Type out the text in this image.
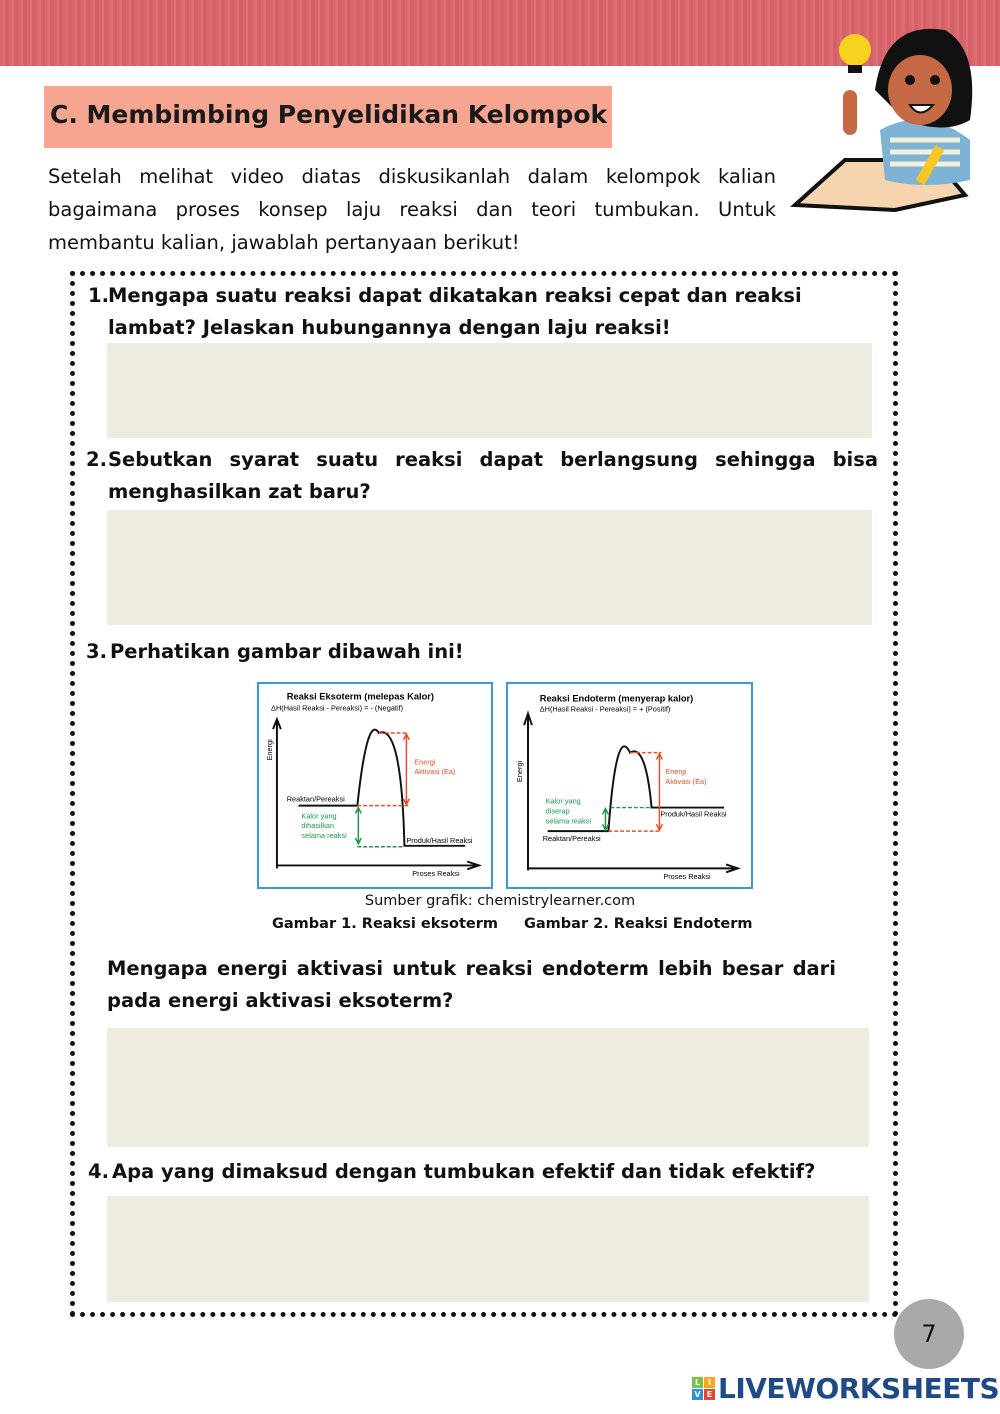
C. Membimbing Penyelidikan Kelompok

Setelah melihat video diatas diskusikanlah dalam kelompok kalian bagaimana proses konsep laju reaksi dan teori tumbukan. Untuk membantu kalian, jawablah pertanyaan berikut!

1. Mengapa suatu reaksi dapat dikatakan reaksi cepat dan reaksi lambat? Jelaskan hubungannya dengan laju reaksi!
2. Sebutkan syarat suatu reaksi dapat berlangsung sehingga bisa menghasilkan zat baru?
3. Perhatikan gambar dibawah ini!
Reaksi Eksoterm (melepas Kalor)
ΔH(Hasil Reaksi - Pereaksi) = - (Negatif)
Energi
Proses Reaksi
Energi
Aktivasi (Ea)
Reaktan/Pereaksi
Produk/Hasil Reaksi
Kalor yang
dihasilkan
selama reaksi
Reaksi Endoterm (menyerap kalor)
ΔH(Hasil Reaksi - Pereaksi) = + (Positif)
Energi
Proses Reaksi
Energi
Aktivasi (Ea)
Reaktan/Pereaksi
Produk/Hasil Reaksi
Kalor yang
diserap
selama reaksi
Sumber grafik: chemistrylearner.com
Gambar 1. Reaksi eksoterm Gambar 2. Reaksi Endoterm
Mengapa energi aktivasi untuk reaksi endoterm lebih besar dari pada energi aktivasi eksoterm?
4. Apa yang dimaksud dengan tumbukan efektif dan tidak efektif?
7
L I
V E LIVEWORKSHEETS
